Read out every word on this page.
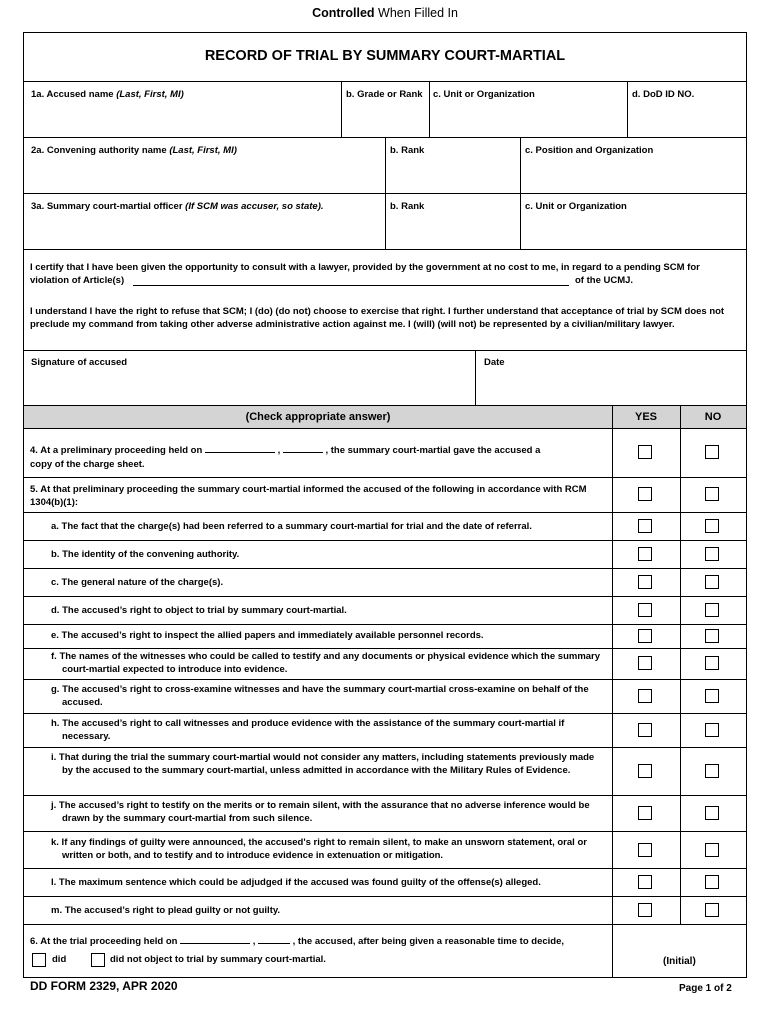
Controlled When Filled In
RECORD OF TRIAL BY SUMMARY COURT-MARTIAL
1a. Accused name (Last, First, MI)	b. Grade or Rank c. Unit or Organization	d. DoD ID NO.
2a. Convening authority name (Last, First, MI)	b. Rank	c. Position and Organization
3a. Summary court-martial officer (If SCM was accuser, so state).	b. Rank	c. Unit or Organization
I certify that I have been given the opportunity to consult with a lawyer, provided by the government at no cost to me, in regard to a pending SCM for
violation of Article(s)	of the UCMJ.
I understand I have the right to refuse that SCM; I (do) (do not) choose to exercise that right. I further understand that acceptance of trial by SCM does not preclude my command from taking other adverse administrative action against me. I (will) (will not) be represented by a civilian/military lawyer.
Signature of accused	Date
(Check appropriate answer)	YES	NO
4. At a preliminary proceeding held on	,	, the summary court-martial gave the accused a
copy of the charge sheet.
5. At that preliminary proceeding the summary court-martial informed the accused of the following in accordance with RCM 1304(b)(1):
a. The fact that the charge(s) had been referred to a summary court-martial for trial and the date of referral.
b. The identity of the convening authority.
c. The general nature of the charge(s).
d. The accused’s right to object to trial by summary court-martial.
e. The accused’s right to inspect the allied papers and immediately available personnel records.
f. The names of the witnesses who could be called to testify and any documents or physical evidence which the summary court-martial expected to introduce into evidence.
g. The accused’s right to cross-examine witnesses and have the summary court-martial cross-examine on behalf of the accused.
h. The accused’s right to call witnesses and produce evidence with the assistance of the summary court-martial if necessary.
i. That during the trial the summary court-martial would not consider any matters, including statements previously made by the accused to the summary court-martial, unless admitted in accordance with the Military Rules of Evidence.
j. The accused’s right to testify on the merits or to remain silent, with the assurance that no adverse inference would be drawn by the summary court-martial from such silence.
k. If any findings of guilty were announced, the accused's right to remain silent, to make an unsworn statement, oral or written or both, and to testify and to introduce evidence in extenuation or mitigation.
l. The maximum sentence which could be adjudged if the accused was found guilty of the offense(s) alleged.
m. The accused’s right to plead guilty or not guilty.
6. At the trial proceeding held on	,	, the accused, after being given a reasonable time to decide,
did	did not object to trial by summary court-martial.	(Initial)
DD FORM 2329, APR 2020	Page 1 of 2
